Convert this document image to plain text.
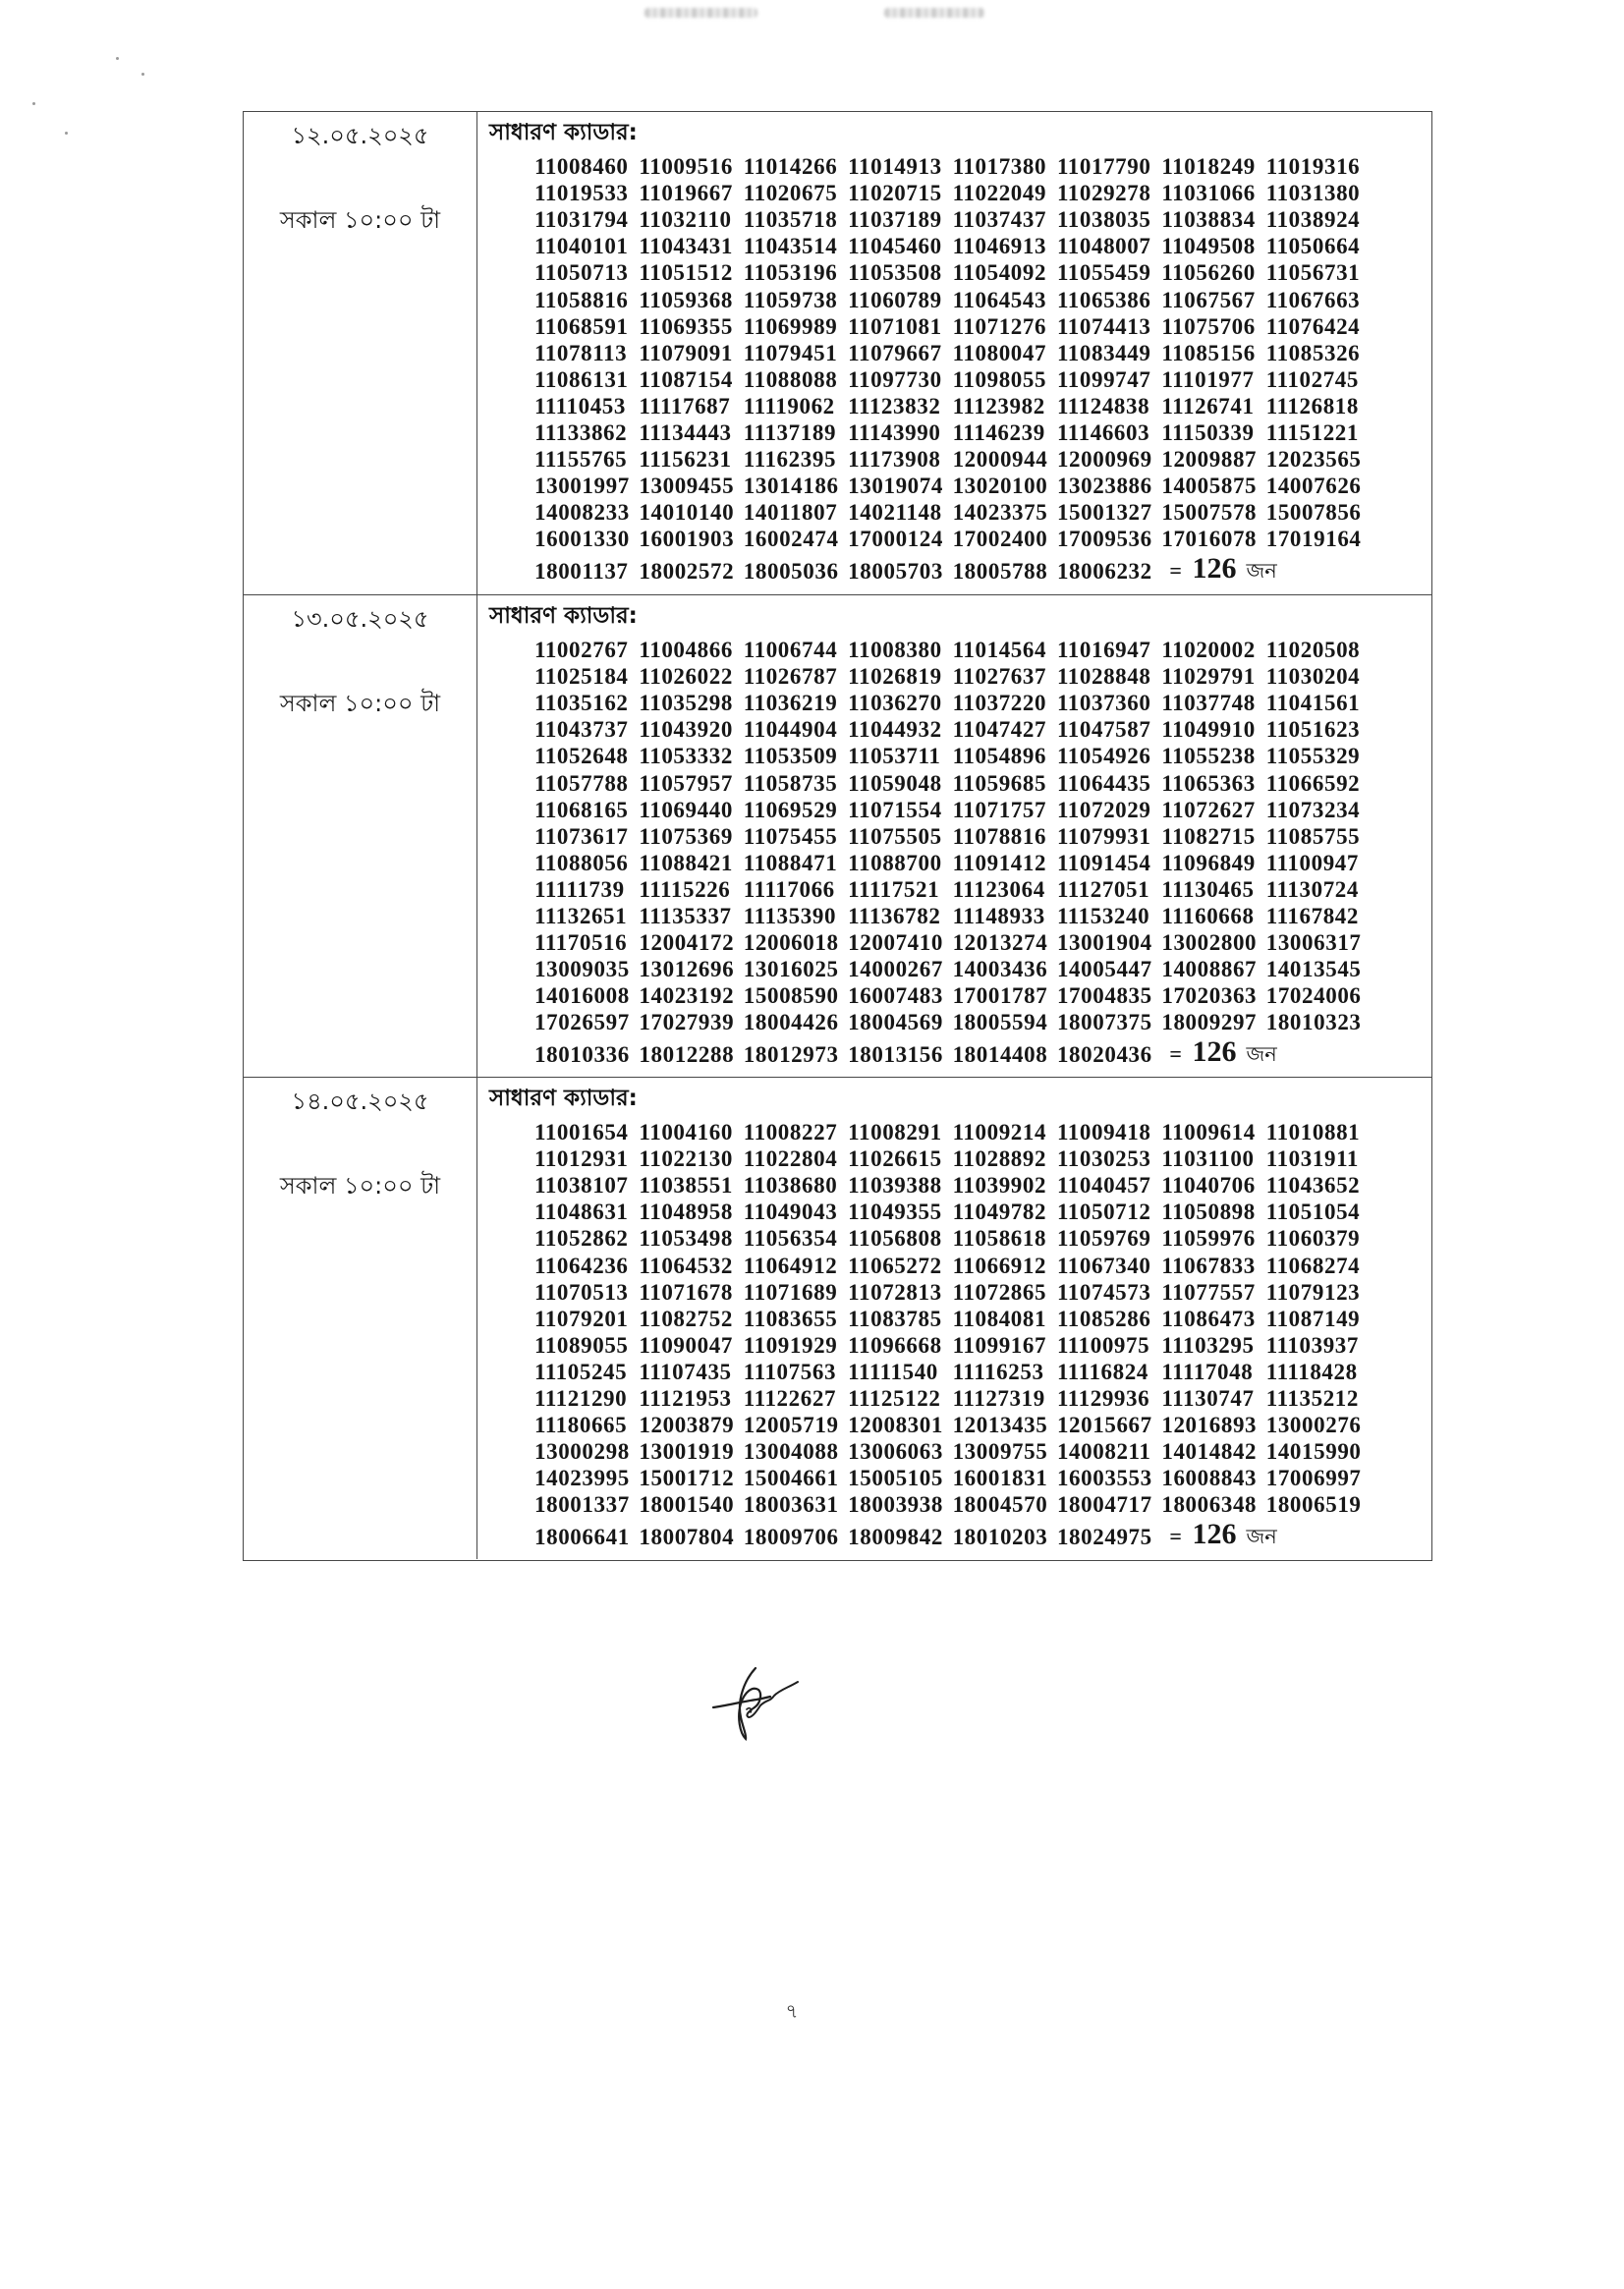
১২.০৫.২০২৫
সকাল ১০:০০ টা
সাধারণ ক্যাডার:
11008460 11009516 11014266 11014913 11017380 11017790 11018249 11019316
11019533 11019667 11020675 11020715 11022049 11029278 11031066 11031380
11031794 11032110 11035718 11037189 11037437 11038035 11038834 11038924
11040101 11043431 11043514 11045460 11046913 11048007 11049508 11050664
11050713 11051512 11053196 11053508 11054092 11055459 11056260 11056731
11058816 11059368 11059738 11060789 11064543 11065386 11067567 11067663
11068591 11069355 11069989 11071081 11071276 11074413 11075706 11076424
11078113 11079091 11079451 11079667 11080047 11083449 11085156 11085326
11086131 11087154 11088088 11097730 11098055 11099747 11101977 11102745
11110453 11117687 11119062 11123832 11123982 11124838 11126741 11126818
11133862 11134443 11137189 11143990 11146239 11146603 11150339 11151221
11155765 11156231 11162395 11173908 12000944 12000969 12009887 12023565
13001997 13009455 13014186 13019074 13020100 13023886 14005875 14007626
14008233 14010140 14011807 14021148 14023375 15001327 15007578 15007856
16001330 16001903 16002474 17000124 17002400 17009536 17016078 17019164
18001137 18002572 18005036 18005703 18005788 18006232 = 126 জন
১৩.০৫.২০২৫
সকাল ১০:০০ টা
সাধারণ ক্যাডার:
11002767 11004866 11006744 11008380 11014564 11016947 11020002 11020508
11025184 11026022 11026787 11026819 11027637 11028848 11029791 11030204
11035162 11035298 11036219 11036270 11037220 11037360 11037748 11041561
11043737 11043920 11044904 11044932 11047427 11047587 11049910 11051623
11052648 11053332 11053509 11053711 11054896 11054926 11055238 11055329
11057788 11057957 11058735 11059048 11059685 11064435 11065363 11066592
11068165 11069440 11069529 11071554 11071757 11072029 11072627 11073234
11073617 11075369 11075455 11075505 11078816 11079931 11082715 11085755
11088056 11088421 11088471 11088700 11091412 11091454 11096849 11100947
11111739 11115226 11117066 11117521 11123064 11127051 11130465 11130724
11132651 11135337 11135390 11136782 11148933 11153240 11160668 11167842
11170516 12004172 12006018 12007410 12013274 13001904 13002800 13006317
13009035 13012696 13016025 14000267 14003436 14005447 14008867 14013545
14016008 14023192 15008590 16007483 17001787 17004835 17020363 17024006
17026597 17027939 18004426 18004569 18005594 18007375 18009297 18010323
18010336 18012288 18012973 18013156 18014408 18020436 = 126 জন
১৪.০৫.২০২৫
সকাল ১০:০০ টা
সাধারণ ক্যাডার:
11001654 11004160 11008227 11008291 11009214 11009418 11009614 11010881
11012931 11022130 11022804 11026615 11028892 11030253 11031100 11031911
11038107 11038551 11038680 11039388 11039902 11040457 11040706 11043652
11048631 11048958 11049043 11049355 11049782 11050712 11050898 11051054
11052862 11053498 11056354 11056808 11058618 11059769 11059976 11060379
11064236 11064532 11064912 11065272 11066912 11067340 11067833 11068274
11070513 11071678 11071689 11072813 11072865 11074573 11077557 11079123
11079201 11082752 11083655 11083785 11084081 11085286 11086473 11087149
11089055 11090047 11091929 11096668 11099167 11100975 11103295 11103937
11105245 11107435 11107563 11111540 11116253 11116824 11117048 11118428
11121290 11121953 11122627 11125122 11127319 11129936 11130747 11135212
11180665 12003879 12005719 12008301 12013435 12015667 12016893 13000276
13000298 13001919 13004088 13006063 13009755 14008211 14014842 14015990
14023995 15001712 15004661 15005105 16001831 16003553 16008843 17006997
18001337 18001540 18003631 18003938 18004570 18004717 18006348 18006519
18006641 18007804 18009706 18009842 18010203 18024975 = 126 জন
৭
